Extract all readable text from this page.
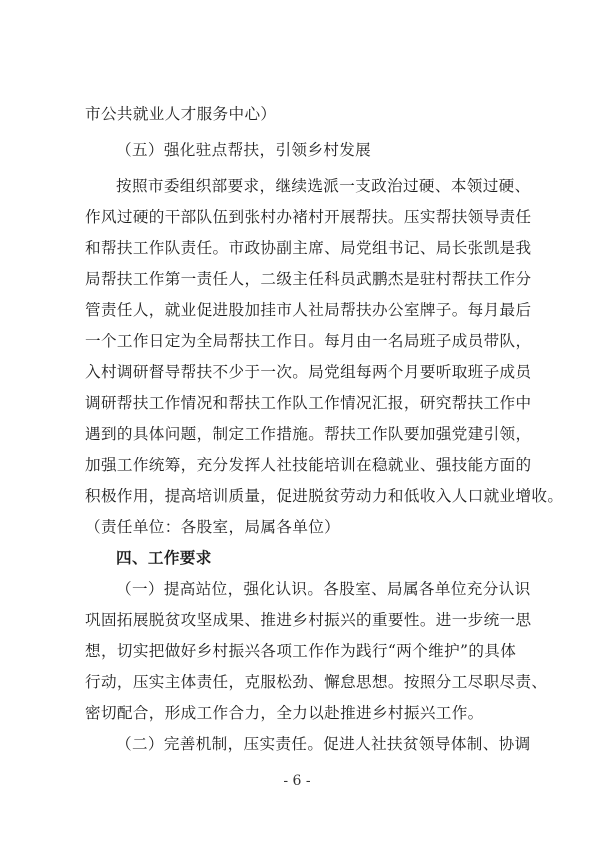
市公共就业人才服务中心）
（五）强化驻点帮扶，引领乡村发展
按照市委组织部要求，继续选派一支政治过硬、本领过硬、
作风过硬的干部队伍到张村办褚村开展帮扶。压实帮扶领导责任
和帮扶工作队责任。市政协副主席、局党组书记、局长张凯是我
局帮扶工作第一责任人，二级主任科员武鹏杰是驻村帮扶工作分
管责任人，就业促进股加挂市人社局帮扶办公室牌子。每月最后
一个工作日定为全局帮扶工作日。每月由一名局班子成员带队，
入村调研督导帮扶不少于一次。局党组每两个月要听取班子成员
调研帮扶工作情况和帮扶工作队工作情况汇报，研究帮扶工作中
遇到的具体问题，制定工作措施。帮扶工作队要加强党建引领，
加强工作统筹，充分发挥人社技能培训在稳就业、强技能方面的
积极作用，提高培训质量，促进脱贫劳动力和低收入人口就业增收。
（责任单位：各股室，局属各单位）
四、工作要求
（一）提高站位，强化认识。各股室、局属各单位充分认识
巩固拓展脱贫攻坚成果、推进乡村振兴的重要性。进一步统一思
想，切实把做好乡村振兴各项工作作为践行“两个维护”的具体
行动，压实主体责任，克服松劲、懈怠思想。按照分工尽职尽责、
密切配合，形成工作合力，全力以赴推进乡村振兴工作。
（二）完善机制，压实责任。促进人社扶贫领导体制、协调
- 6 -
